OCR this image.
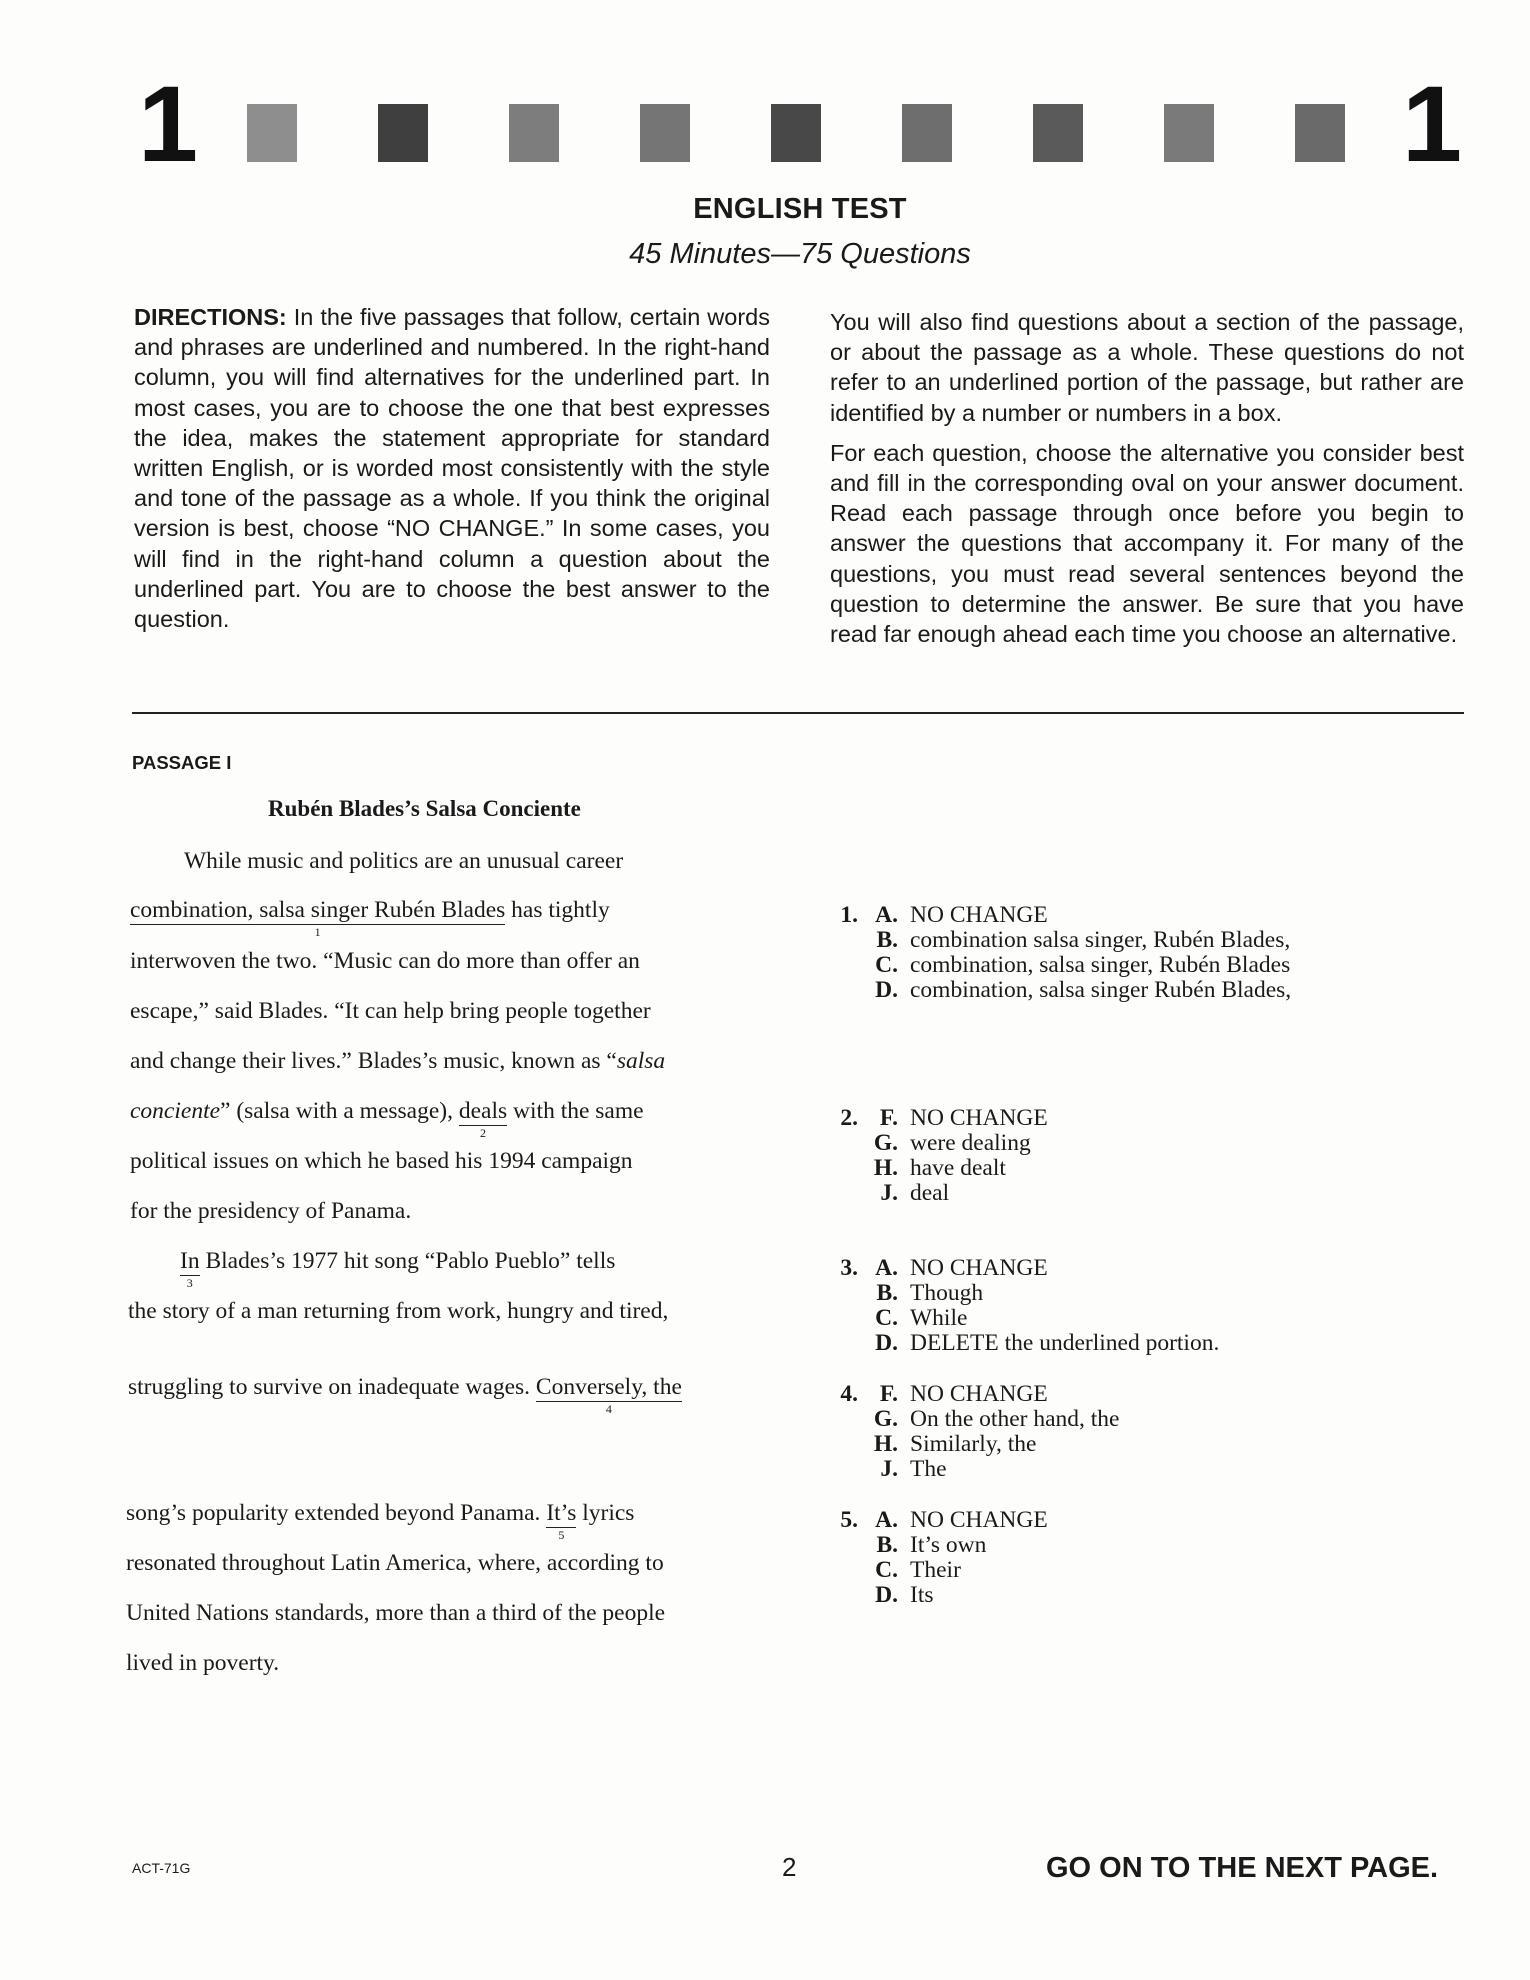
1	1
ENGLISH TEST
45 Minutes—75 Questions

DIRECTIONS: In the five passages that follow, certain words and phrases are underlined and numbered. In the right-hand column, you will find alternatives for the underlined part. In most cases, you are to choose the one that best expresses the idea, makes the statement appropriate for standard written English, or is worded most consistently with the style and tone of the passage as a whole. If you think the original version is best, choose “NO CHANGE.” In some cases, you will find in the right-hand column a question about the underlined part. You are to choose the best answer to the question.

You will also find questions about a section of the passage, or about the passage as a whole. These questions do not refer to an underlined portion of the passage, but rather are identified by a number or numbers in a box.

For each question, choose the alternative you consider best and fill in the corresponding oval on your answer document. Read each passage through once before you begin to answer the questions that accompany it. For many of the questions, you must read several sentences beyond the question to determine the answer. Be sure that you have read far enough ahead each time you choose an alternative.

PASSAGE I
Rubén Blades’s Salsa Conciente
While music and politics are an unusual career
combination, salsa singer Rubén Blades
1
has tightly
interwoven the two. “Music can do more than offer an
escape,” said Blades. “It can help bring people together
and change their lives.” Blades’s music, known as “salsa
conciente” (salsa with a message), deals
2
with the same
political issues on which he based his 1994 campaign
for the presidency of Panama.
In
3
Blades’s 1977 hit song “Pablo Pueblo” tells
the story of a man returning from work, hungry and tired,
struggling to survive on inadequate wages. Conversely, the
4
song’s popularity extended beyond Panama. It’s
5
lyrics
resonated throughout Latin America, where, according to
United Nations standards, more than a third of the people
lived in poverty.
1. A. NO CHANGE
B. combination salsa singer, Rubén Blades,
C. combination, salsa singer, Rubén Blades
D. combination, salsa singer Rubén Blades,
2. F. NO CHANGE
G. were dealing
H. have dealt
J. deal
3. A. NO CHANGE
B. Though
C. While
D. DELETE the underlined portion.
4. F. NO CHANGE
G. On the other hand, the
H. Similarly, the
J. The
5. A. NO CHANGE
B. It’s own
C. Their
D. Its
ACT-71G	2	GO ON TO THE NEXT PAGE.
